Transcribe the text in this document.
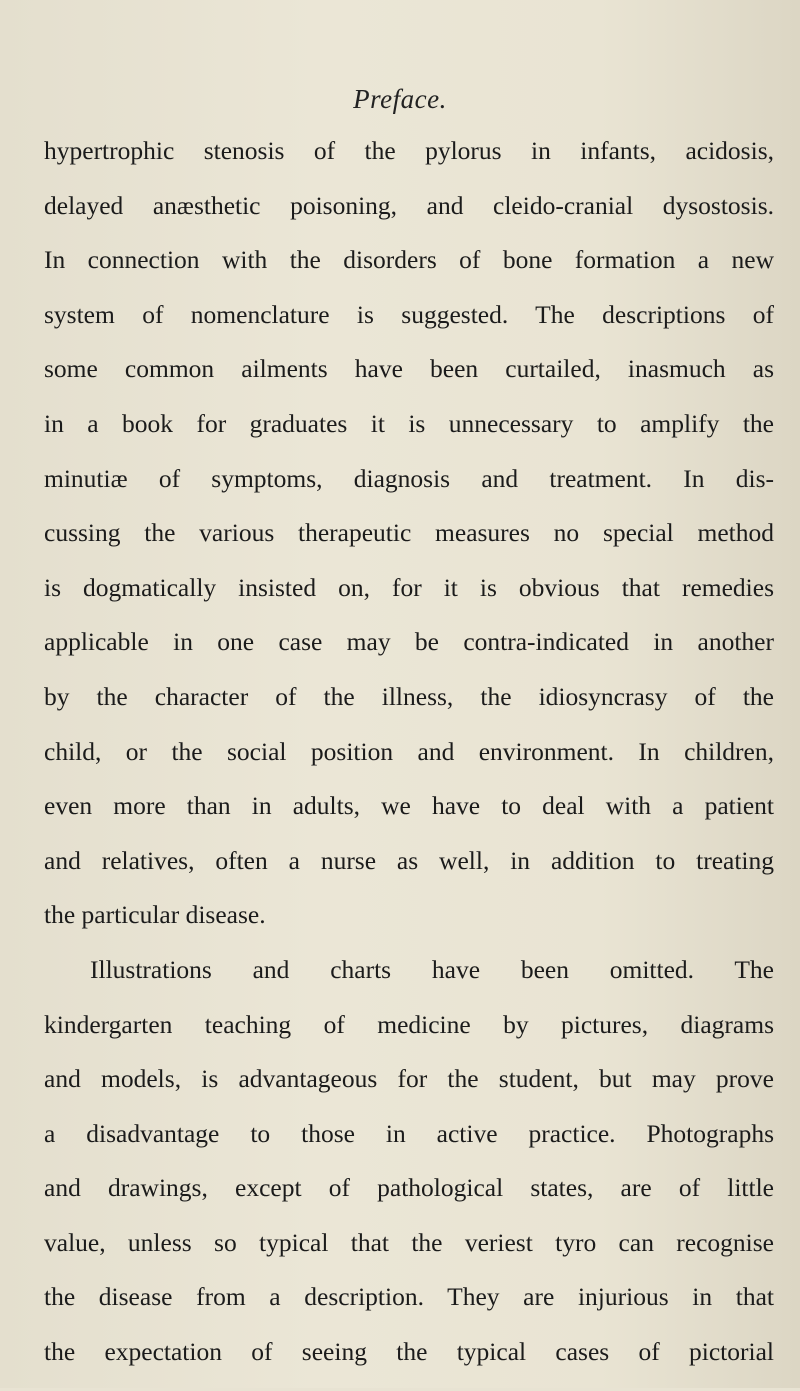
Preface.
hypertrophic stenosis of the pylorus in infants, acidosis,
delayed anæsthetic poisoning, and cleido-cranial dysostosis.
In connection with the disorders of bone formation a new
system of nomenclature is suggested. The descriptions of
some common ailments have been curtailed, inasmuch as
in a book for graduates it is unnecessary to amplify the
minutiæ of symptoms, diagnosis and treatment. In dis-
cussing the various therapeutic measures no special method
is dogmatically insisted on, for it is obvious that remedies
applicable in one case may be contra-indicated in another
by the character of the illness, the idiosyncrasy of the
child, or the social position and environment. In children,
even more than in adults, we have to deal with a patient
and relatives, often a nurse as well, in addition to treating
the particular disease.
Illustrations and charts have been omitted. The
kindergarten teaching of medicine by pictures, diagrams
and models, is advantageous for the student, but may prove
a disadvantage to those in active practice. Photographs
and drawings, except of pathological states, are of little
value, unless so typical that the veriest tyro can recognise
the disease from a description. They are injurious in that
the expectation of seeing the typical cases of pictorial
